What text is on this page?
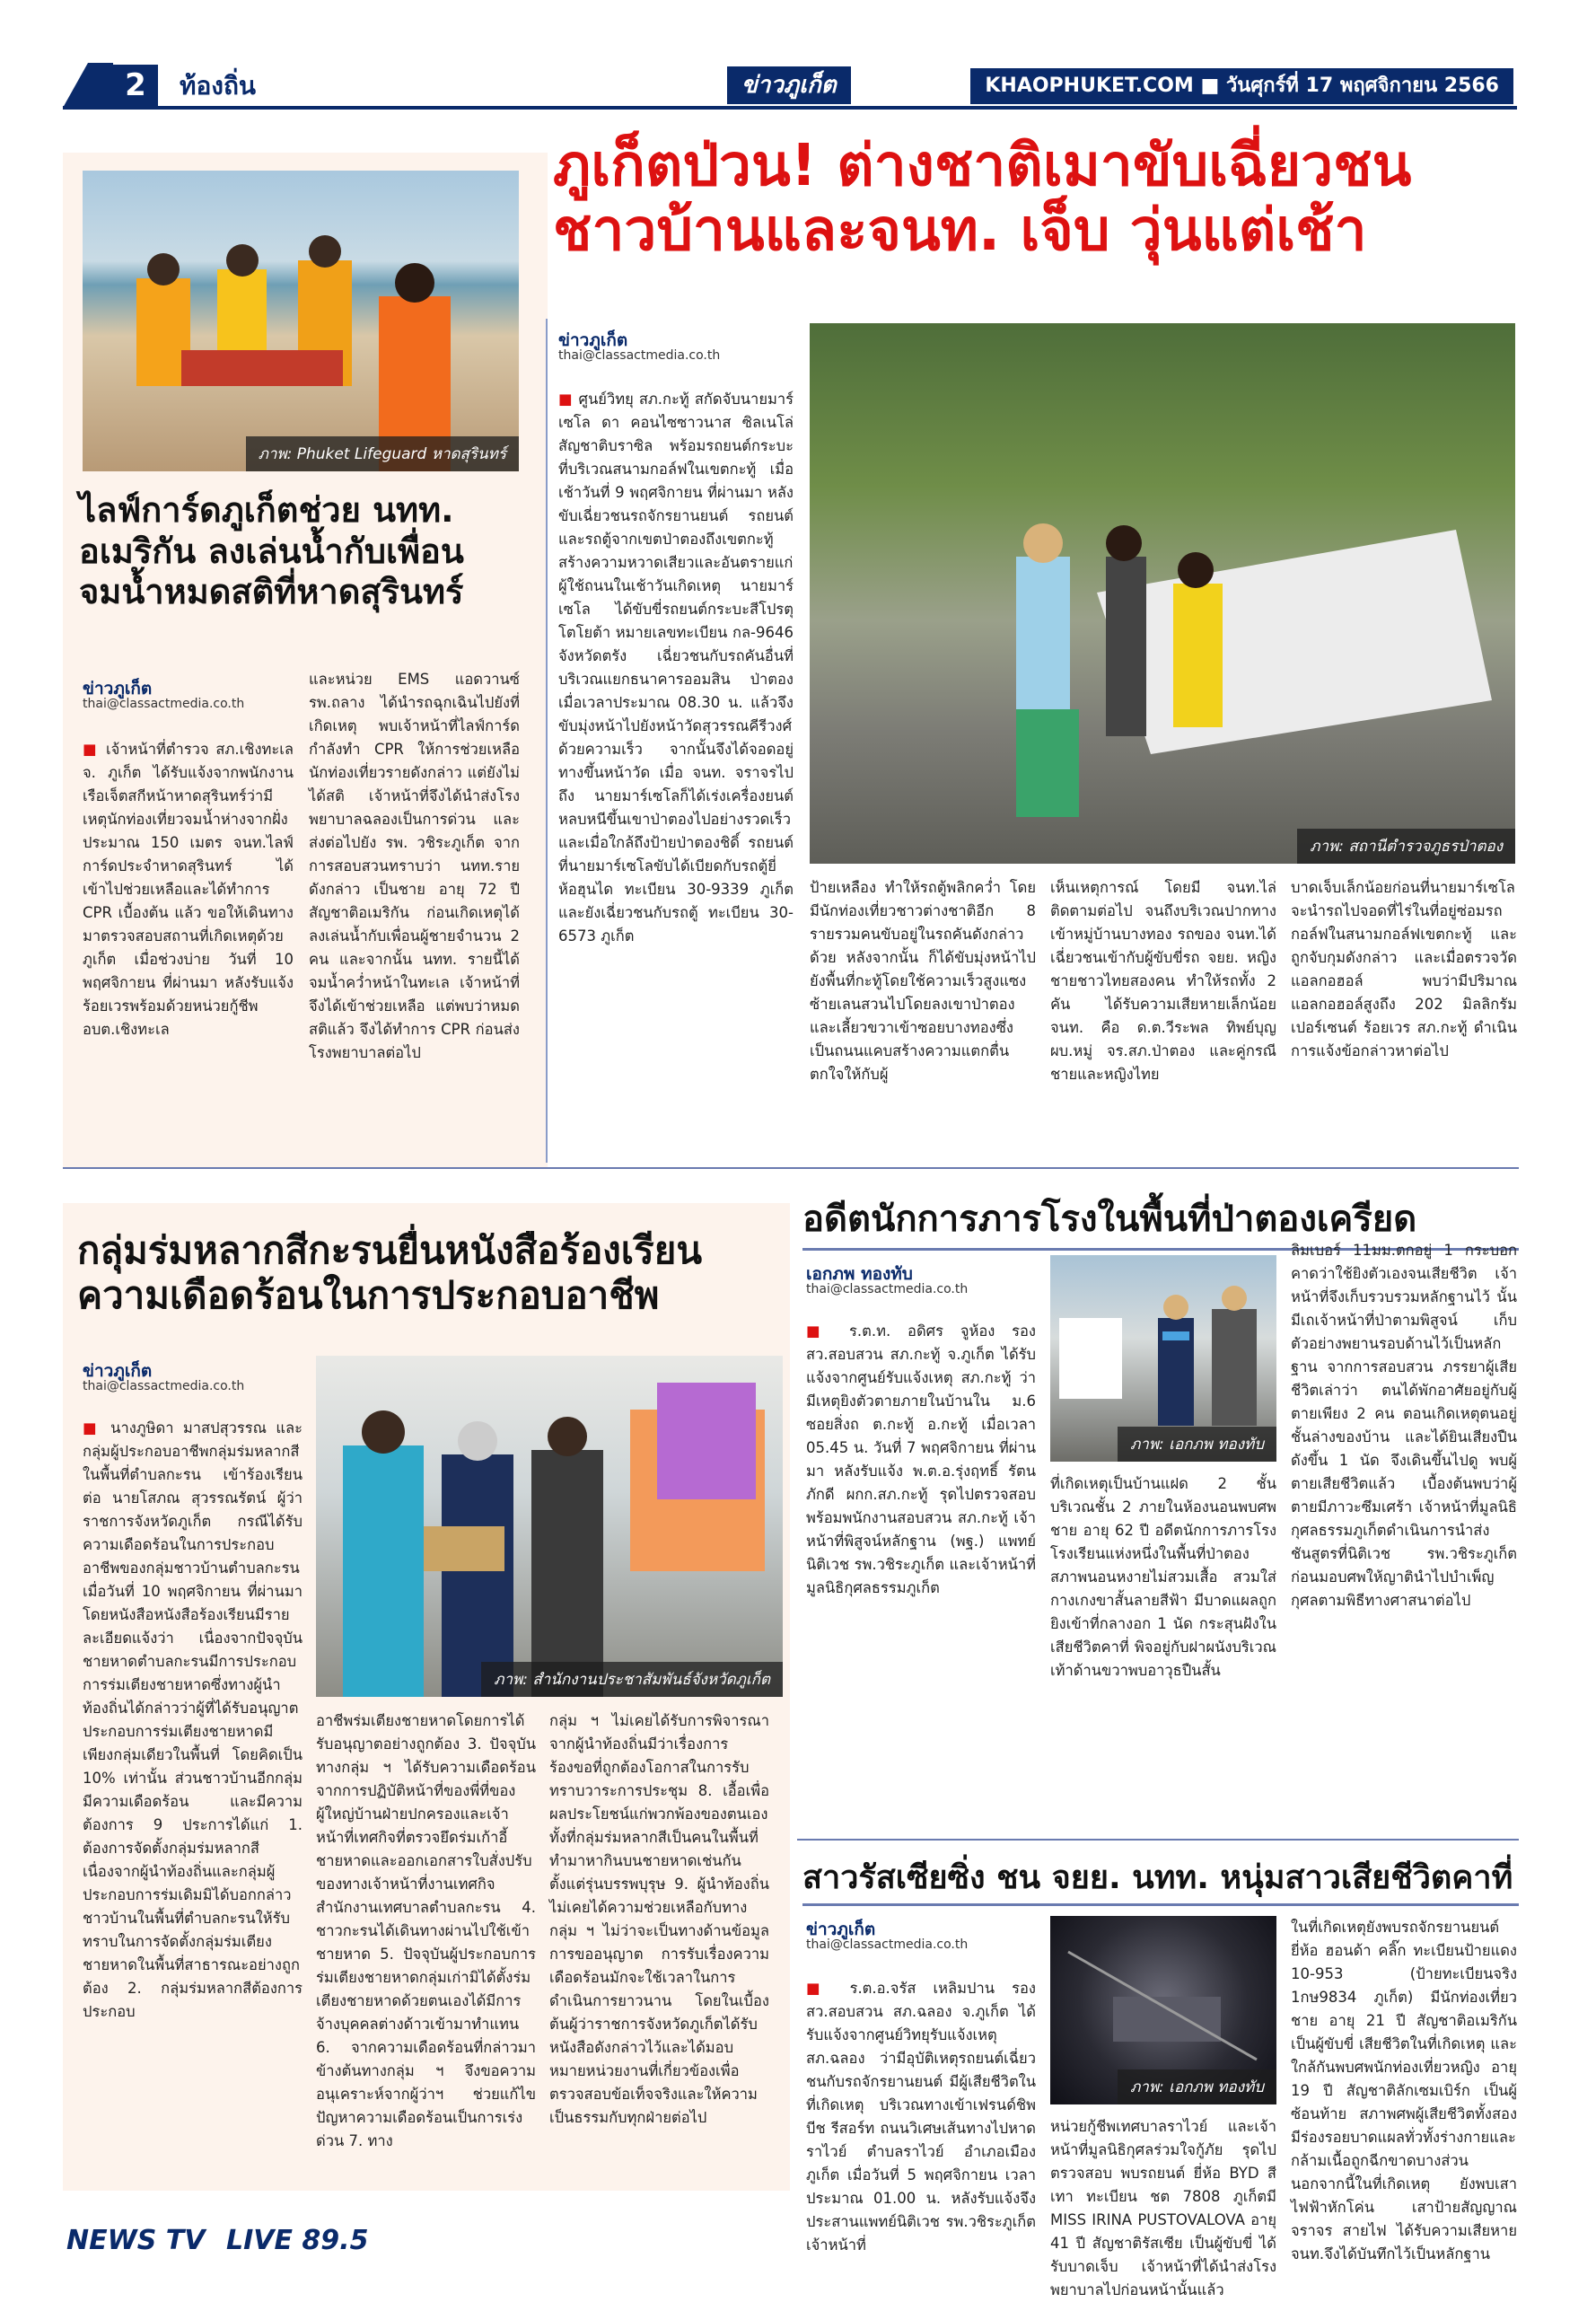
2	ท้องถิ่น	ข่าวภูเก็ต	KHAOPHUKET.COM ■ วันศุกร์ที่ 17 พฤศจิกายน 2566
ภาพ: Phuket Lifeguard หาดสุรินทร์
ไลฟ์การ์ดภูเก็ตช่วย นทท.
อเมริกัน ลงเล่นน้ำกับเพื่อน
จมน้ำหมดสติที่หาดสุรินทร์
ข่าวภูเก็ต
thai@classactmedia.co.th
■ เจ้าหน้าที่ตำรวจ สภ.เชิงทะเล จ. ภูเก็ต ได้รับแจ้งจากพนักงานเรือเจ็ตสกีหน้าหาดสุรินทร์ว่ามีเหตุนักท่องเที่ยวจมน้ำห่างจากฝั่งประมาณ 150 เมตร จนท.ไลฟ์การ์ดประจำหาดสุรินทร์ ได้เข้าไปช่วยเหลือและได้ทำการ CPR เบื้องต้น แล้ว ขอให้เดินทางมาตรวจสอบสถานที่เกิดเหตุด้วยภูเก็ต เมื่อช่วงบ่าย วันที่ 10 พฤศจิกายน ที่ผ่านมา หลังรับแจ้ง ร้อยเวรพร้อมด้วยหน่วยกู้ชีพ อบต.เชิงทะเล
และหน่วย EMS แอดวานซ์ รพ.ถลาง ได้นำรถฉุกเฉินไปยังที่เกิดเหตุ พบเจ้าหน้าที่ไลฟ์การ์ดกำลังทำ CPR ให้การช่วยเหลือนักท่องเที่ยวรายดังกล่าว แต่ยังไม่ได้สติ เจ้าหน้าที่จึงได้นำส่งโรงพยาบาลฉลองเป็นการด่วน และส่งต่อไปยัง รพ. วชิระภูเก็ต จากการสอบสวนทราบว่า นทท.รายดังกล่าว เป็นชาย อายุ 72 ปี สัญชาติอเมริกัน ก่อนเกิดเหตุได้ลงเล่นน้ำกับเพื่อนผู้ชายจำนวน 2 คน และจากนั้น นทท. รายนี้ได้จมน้ำคว่ำหน้าในทะเล เจ้าหน้าที่จึงได้เข้าช่วยเหลือ แต่พบว่าหมดสติแล้ว จึงได้ทำการ CPR ก่อนส่งโรงพยาบาลต่อไป
ภูเก็ตป่วน! ต่างชาติเมาขับเฉี่ยวชน
ชาวบ้านและจนท. เจ็บ วุ่นแต่เช้า
ข่าวภูเก็ต
thai@classactmedia.co.th
ภาพ: สถานีตำรวจภูธรป่าตอง
■ ศูนย์วิทยุ สภ.กะทู้ สกัดจับนายมาร์เซโล ดา คอนไซซาวนาส ซิลเนโล่ สัญชาติบราซิล พร้อมรถยนต์กระบะ ที่บริเวณสนามกอล์ฟในเขตกะทู้ เมื่อเช้าวันที่ 9 พฤศจิกายน ที่ผ่านมา หลังขับเฉี่ยวชนรถจักรยานยนต์ รถยนต์ และรถตู้จากเขตป่าตองถึงเขตกะทู้ สร้างความหวาดเสียวและอันตรายแก่ผู้ใช้ถนนในเช้าวันเกิดเหตุ นายมาร์เซโล ได้ขับขี่รถยนต์กระบะสีโปรตุ โตโยต้า หมายเลขทะเบียน กล-9646 จังหวัดตรัง เฉี่ยวชนกับรถคันอื่นที่บริเวณแยกธนาคารออมสิน ป่าตอง เมื่อเวลาประมาณ 08.30 น. แล้วจึงขับมุ่งหน้าไปยังหน้าวัดสุวรรณคีรีวงศ์ด้วยความเร็ว จากนั้นจึงได้จอดอยู่ทางขึ้นหน้าวัด เมื่อ จนท. จราจรไปถึง นายมาร์เซโลก็ได้เร่งเครื่องยนต์หลบหนีขึ้นเขาป่าตองไปอย่างรวดเร็ว และเมื่อใกล้ถึงป้ายป่าตองชิดิ์ รถยนต์ที่นายมาร์เซโลขับได้เบียดกับรถตู้ยี่ห้อฮุนได ทะเบียน 30-9339 ภูเก็ต และยังเฉี่ยวชนกับรถตู้ ทะเบียน 30-6573 ภูเก็ต
ป้ายเหลือง ทำให้รถตู้พลิกคว่ำ โดยมีนักท่องเที่ยวชาวต่างชาติอีก 8 รายรวมคนขับอยู่ในรถคันดังกล่าวด้วย หลังจากนั้น ก็ได้ขับมุ่งหน้าไปยังพื้นที่กะทู้โดยใช้ความเร็วสูงแซงซ้ายเลนสวนไปโดยลงเขาป่าตองและเลี้ยวขวาเข้าซอยบางทองซึ่งเป็นถนนแคบสร้างความแตกตื่นตกใจให้กับผู้
เห็นเหตุการณ์ โดยมี จนท.ไล่ติดตามต่อไป จนถึงบริเวณปากทางเข้าหมู่บ้านบางทอง รถของ จนท.ได้เฉี่ยวชนเข้ากับผู้ขับขี่รถ จยย. หญิงชายชาวไทยสองคน ทำให้รถทั้ง 2 คัน ได้รับความเสียหายเล็กน้อย จนท. คือ ด.ต.วีระพล ทิพย์บุญ ผบ.หมู่ จร.สภ.ป่าตอง และคู่กรณีชายและหญิงไทย
บาดเจ็บเล็กน้อยก่อนที่นายมาร์เซโลจะนำรถไปจอดที่ไร่ในที่อยู่ซ่อมรถกอล์ฟในสนามกอล์ฟเขตกะทู้ และถูกจับกุมดังกล่าว และเมื่อตรวจวัดแอลกอฮอล์ พบว่ามีปริมาณแอลกอฮอล์สูงถึง 202 มิลลิกรัมเปอร์เซนต์ ร้อยเวร สภ.กะทู้ ดำเนินการแจ้งข้อกล่าวหาต่อไป
กลุ่มร่มหลากสีกะรนยื่นหนังสือร้องเรียน
ความเดือดร้อนในการประกอบอาชีพ
ข่าวภูเก็ต
thai@classactmedia.co.th
ภาพ: สำนักงานประชาสัมพันธ์จังหวัดภูเก็ต
■ นางภูษิดา มาสปสุวรรณ และกลุ่มผู้ประกอบอาชีพกลุ่มร่มหลากสีในพื้นที่ตำบลกะรน เข้าร้องเรียนต่อ นายโสภณ สุวรรณรัตน์ ผู้ว่าราชการจังหวัดภูเก็ต กรณีได้รับความเดือดร้อนในการประกอบอาชีพของกลุ่มชาวบ้านตำบลกะรน เมื่อวันที่ 10 พฤศจิกายน ที่ผ่านมา โดยหนังสือหนังสือร้องเรียนมีรายละเอียดแจ้งว่า เนื่องจากปัจจุบันชายหาดตำบลกะรนมีการประกอบการร่มเตียงชายหาดซึ่งทางผู้นำท้องถิ่นได้กล่าวว่าผู้ที่ได้รับอนุญาตประกอบการร่มเตียงชายหาดมีเพียงกลุ่มเดียวในพื้นที่ โดยคิดเป็น 10% เท่านั้น ส่วนชาวบ้านอีกกลุ่มมีความเดือดร้อน และมีความต้องการ 9 ประการได้แก่ 1. ต้องการจัดตั้งกลุ่มร่มหลากสีเนื่องจากผู้นำท้องถิ่นและกลุ่มผู้ประกอบการร่มเดิมมิได้บอกกล่าวชาวบ้านในพื้นที่ตำบลกะรนให้รับทราบในการจัดตั้งกลุ่มร่มเตียงชายหาดในพื้นที่สาธารณะอย่างถูกต้อง 2. กลุ่มร่มหลากสีต้องการประกอบ
อาชีพร่มเตียงชายหาดโดยการได้รับอนุญาตอย่างถูกต้อง 3. ปัจจุบันทางกลุ่ม ฯ ได้รับความเดือดร้อนจากการปฏิบัติหน้าที่ของพี่ที่ของผู้ใหญ่บ้านฝ่ายปกครองและเจ้าหน้าที่เทศกิจที่ตรวจยึดร่มเก้าอี้ชายหาดและออกเอกสารใบสั่งปรับของทางเจ้าหน้าที่งานเทศกิจสำนักงานเทศบาลตำบลกะรน 4. ชาวกะรนได้เดินทางผ่านไปใช้เข้าชายหาด 5. ปัจจุบันผู้ประกอบการร่มเตียงชายหาดกลุ่มเก่ามิได้ตั้งร่มเตียงชายหาดด้วยตนเองได้มีการจ้างบุคคลต่างด้าวเข้ามาทำแทน 6. จากความเดือดร้อนที่กล่าวมาข้างต้นทางกลุ่ม ฯ จึงขอความอนุเคราะห์จากผู้ว่าฯ ช่วยแก้ไขปัญหาความเดือดร้อนเป็นการเร่งด่วน 7. ทาง
กลุ่ม ฯ ไม่เคยได้รับการพิจารณาจากผู้นำท้องถิ่นมีว่าเรื่องการร้องขอที่ถูกต้องโอกาสในการรับทราบวาระการประชุม 8. เอื้อเพื่อผลประโยชน์แก่พวกพ้องของตนเองทั้งที่กลุ่มร่มหลากสีเป็นคนในพื้นที่ทำมาหากินบนชายหาดเช่นกันตั้งแต่รุ่นบรรพบุรุษ 9. ผู้นำท้องถิ่นไม่เคยได้ความช่วยเหลือกับทางกลุ่ม ฯ ไม่ว่าจะเป็นทางด้านข้อมูลการขออนุญาต การรับเรื่องความเดือดร้อนมักจะใช้เวลาในการดำเนินการยาวนาน โดยในเบื้องต้นผู้ว่าราชการจังหวัดภูเก็ตได้รับหนังสือดังกล่าวไว้และได้มอบหมายหน่วยงานที่เกี่ยวข้องเพื่อตรวจสอบข้อเท็จจริงและให้ความเป็นธรรมกับทุกฝ่ายต่อไป
อดีตนักการภารโรงในพื้นที่ป่าตองเครียด
เอกภพ ทองทับ
thai@classactmedia.co.th
ภาพ: เอกภพ ทองทับ
■ ร.ต.ท. อดิศร จูห้อง รอง สว.สอบสวน สภ.กะทู้ จ.ภูเก็ต ได้รับแจ้งจากศูนย์รับแจ้งเหตุ สภ.กะทู้ ว่ามีเหตุยิงตัวตายภายในบ้านใน ม.6 ซอยสิ่งถ ต.กะทู้ อ.กะทู้ เมื่อเวลา 05.45 น. วันที่ 7 พฤศจิกายน ที่ผ่านมา หลังรับแจ้ง พ.ต.อ.รุ่งฤทธิ์ รัตนภักดี ผกก.สภ.กะทู้ รุดไปตรวจสอบพร้อมพนักงานสอบสวน สภ.กะทู้ เจ้าหน้าที่พิสูจน์หลักฐาน (พฐ.) แพทย์นิติเวช รพ.วชิระภูเก็ต และเจ้าหน้าที่มูลนิธิกุศลธรรมภูเก็ต
ที่เกิดเหตุเป็นบ้านแฝด 2 ชั้น บริเวณชั้น 2 ภายในห้องนอนพบศพชาย อายุ 62 ปี อดีตนักการภารโรงโรงเรียนแห่งหนึ่งในพื้นที่ป่าตอง สภาพนอนหงายไม่สวมเสื้อ สวมใส่กางเกงขาสั้นลายสีฟ้า มีบาดแผลถูกยิงเข้าที่กลางอก 1 นัด กระสุนฝังใน เสียชีวิตคาที่ พิจอยู่กับฝาผนังบริเวณเท้าด้านขวาพบอาวุธปืนสั้น
ลิมเบอร์ 11มม.ตกอยู่ 1 กระบอก คาดว่าใช้ยิงตัวเองจนเสียชีวิต เจ้าหน้าที่จึงเก็บรวบรวมหลักฐานไว้ นั้นมีเถเจ้าหน้าที่ป่าตามพิสูจน์ เก็บตัวอย่างพยานรอบด้านไว้เป็นหลักฐาน จากการสอบสวน ภรรยาผู้เสียชีวิตเล่าว่า ตนได้พักอาศัยอยู่กับผู้ตายเพียง 2 คน ตอนเกิดเหตุตนอยู่ชั้นล่างของบ้าน และได้ยินเสียงปืนดังขึ้น 1 นัด จึงเดินขึ้นไปดู พบผู้ตายเสียชีวิตแล้ว เบื้องต้นพบว่าผู้ตายมีภาวะซึมเศร้า เจ้าหน้าที่มูลนิธิกุศลธรรมภูเก็ตดำเนินการนำส่งชันสูตรที่นิติเวช รพ.วชิระภูเก็ต ก่อนมอบศพให้ญาตินำไปบำเพ็ญกุศลตามพิธีทางศาสนาต่อไป
สาวรัสเซียซิ่ง ชน จยย. นทท. หนุ่มสาวเสียชีวิตคาที่
ข่าวภูเก็ต
thai@classactmedia.co.th
ภาพ: เอกภพ ทองทับ
■ ร.ต.อ.จรัส เหลิมปาน รอง สว.สอบสวน สภ.ฉลอง จ.ภูเก็ต ได้รับแจ้งจากศูนย์วิทยุรับแจ้งเหตุ สภ.ฉลอง ว่ามีอุบัติเหตุรถยนต์เฉี่ยวชนกับรถจักรยานยนต์ มีผู้เสียชีวิตในที่เกิดเหตุ บริเวณทางเข้าเฟรนด์ชิพบีช รีสอร์ท ถนนวิเศษเส้นทางไปหาดราไวย์ ตำบลราไวย์ อำเภอเมือง ภูเก็ต เมื่อวันที่ 5 พฤศจิกายน เวลาประมาณ 01.00 น. หลังรับแจ้งจึงประสานแพทย์นิติเวช รพ.วชิระภูเก็ต เจ้าหน้าที่
หน่วยกู้ชีพเทศบาลราไวย์ และเจ้าหน้าที่มูลนิธิกุศลร่วมใจกู้ภัย รุดไปตรวจสอบ พบรถยนต์ ยี่ห้อ BYD สีเทา ทะเบียน ชต 7808 ภูเก็ตมี MISS IRINA PUSTOVALOVA อายุ 41 ปี สัญชาติรัสเซีย เป็นผู้ขับขี่ ได้รับบาดเจ็บ เจ้าหน้าที่ได้นำส่งโรงพยาบาลไปก่อนหน้านั้นแล้ว
ในที่เกิดเหตุยังพบรถจักรยานยนต์ ยี่ห้อ ฮอนด้า คลิ๊ก ทะเบียนป้ายแดง 10-953 (ป้ายทะเบียนจริง 1กษ9834 ภูเก็ต) มีนักท่องเที่ยวชาย อายุ 21 ปี สัญชาติอเมริกัน เป็นผู้ขับขี่ เสียชีวิตในที่เกิดเหตุ และใกล้กันพบศพนักท่องเที่ยวหญิง อายุ 19 ปี สัญชาติลักเซมเบิร์ก เป็นผู้ซ้อนท้าย สภาพศพผู้เสียชีวิตทั้งสองมีร่องรอยบาดแผลทั่วทั้งร่างกายและกล้ามเนื้อถูกฉีกขาดบางส่วน นอกจากนี้ในที่เกิดเหตุ ยังพบเสาไฟฟ้าหักโค่น เสาป้ายสัญญาณจราจร สายไฟ ได้รับความเสียหาย จนท.จึงได้บันทึกไว้เป็นหลักฐาน
NEWS TV LIVE 89.5
